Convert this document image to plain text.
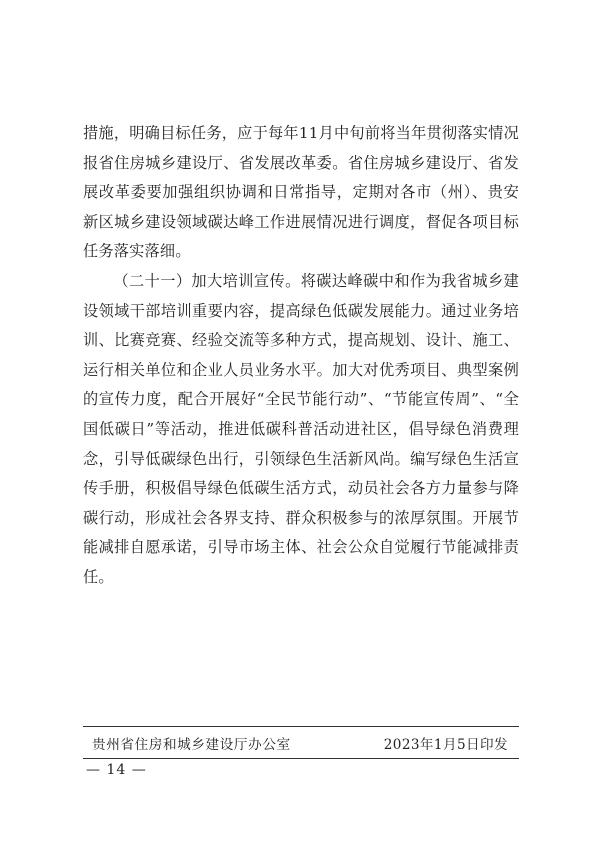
措施，明确目标任务，应于每年11月中旬前将当年贯彻落实情况报省住房城乡建设厅、省发展改革委。省住房城乡建设厅、省发展改革委要加强组织协调和日常指导，定期对各市（州）、贵安新区城乡建设领域碳达峰工作进展情况进行调度，督促各项目标任务落实落细。

（二十一）加大培训宣传。将碳达峰碳中和作为我省城乡建设领域干部培训重要内容，提高绿色低碳发展能力。通过业务培训、比赛竞赛、经验交流等多种方式，提高规划、设计、施工、运行相关单位和企业人员业务水平。加大对优秀项目、典型案例的宣传力度，配合开展好“全民节能行动”、“节能宣传周”、“全国低碳日”等活动，推进低碳科普活动进社区，倡导绿色消费理念，引导低碳绿色出行，引领绿色生活新风尚。编写绿色生活宣传手册，积极倡导绿色低碳生活方式，动员社会各方力量参与降碳行动，形成社会各界支持、群众积极参与的浓厚氛围。开展节能减排自愿承诺，引导市场主体、社会公众自觉履行节能减排责任。

贵州省住房和城乡建设厅办公室	2023年1月5日印发
— 14 —
